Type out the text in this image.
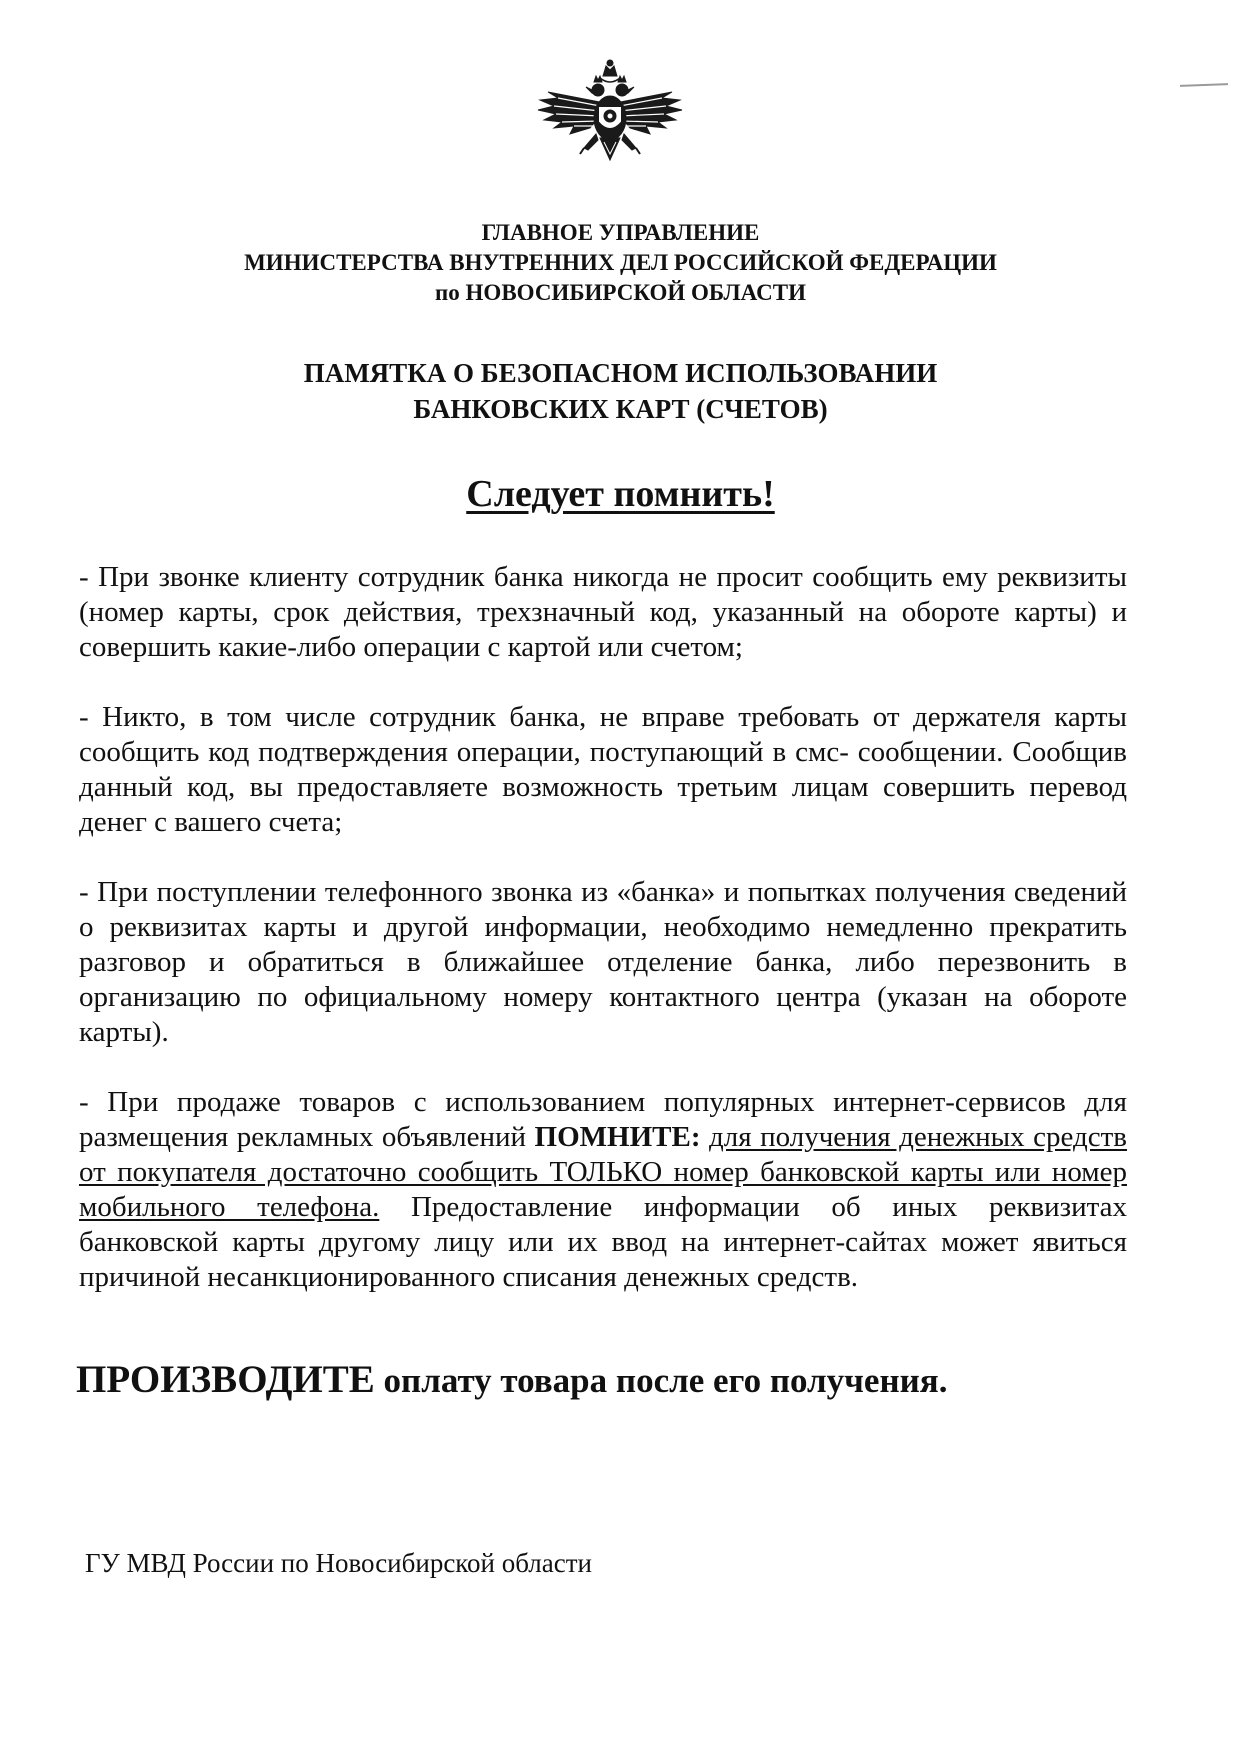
ГЛАВНОЕ УПРАВЛЕНИЕ
МИНИСТЕРСТВА ВНУТРЕННИХ ДЕЛ РОССИЙСКОЙ ФЕДЕРАЦИИ
по НОВОСИБИРСКОЙ ОБЛАСТИ
ПАМЯТКА О БЕЗОПАСНОМ ИСПОЛЬЗОВАНИИ
БАНКОВСКИХ КАРТ (СЧЕТОВ)
Следует помнить!

- При звонке клиенту сотрудник банка никогда не просит сообщить ему реквизиты (номер карты, срок действия, трехзначный код, указанный на обороте карты) и совершить какие-либо операции с картой или счетом;

- Никто, в том числе сотрудник банка, не вправе требовать от держателя карты сообщить код подтверждения операции, поступающий в смс- сообщении. Сообщив данный код, вы предоставляете возможность третьим лицам совершить перевод денег с вашего счета;

- При поступлении телефонного звонка из «банка» и попытках получения сведений о реквизитах карты и другой информации, необходимо немедленно прекратить разговор и обратиться в ближайшее отделение банка, либо перезвонить в организацию по официальному номеру контактного центра (указан на обороте карты).

- При продаже товаров с использованием популярных интернет-сервисов для размещения рекламных объявлений ПОМНИТЕ: для получения денежных средств от покупателя достаточно сообщить ТОЛЬКО номер банковской карты или номер мобильного телефона. Предоставление информации об иных реквизитах банковской карты другому лицу или их ввод на интернет-сайтах может явиться причиной несанкционированного списания денежных средств.

ПРОИЗВОДИТЕ оплату товара после его получения.
ГУ МВД России по Новосибирской области
